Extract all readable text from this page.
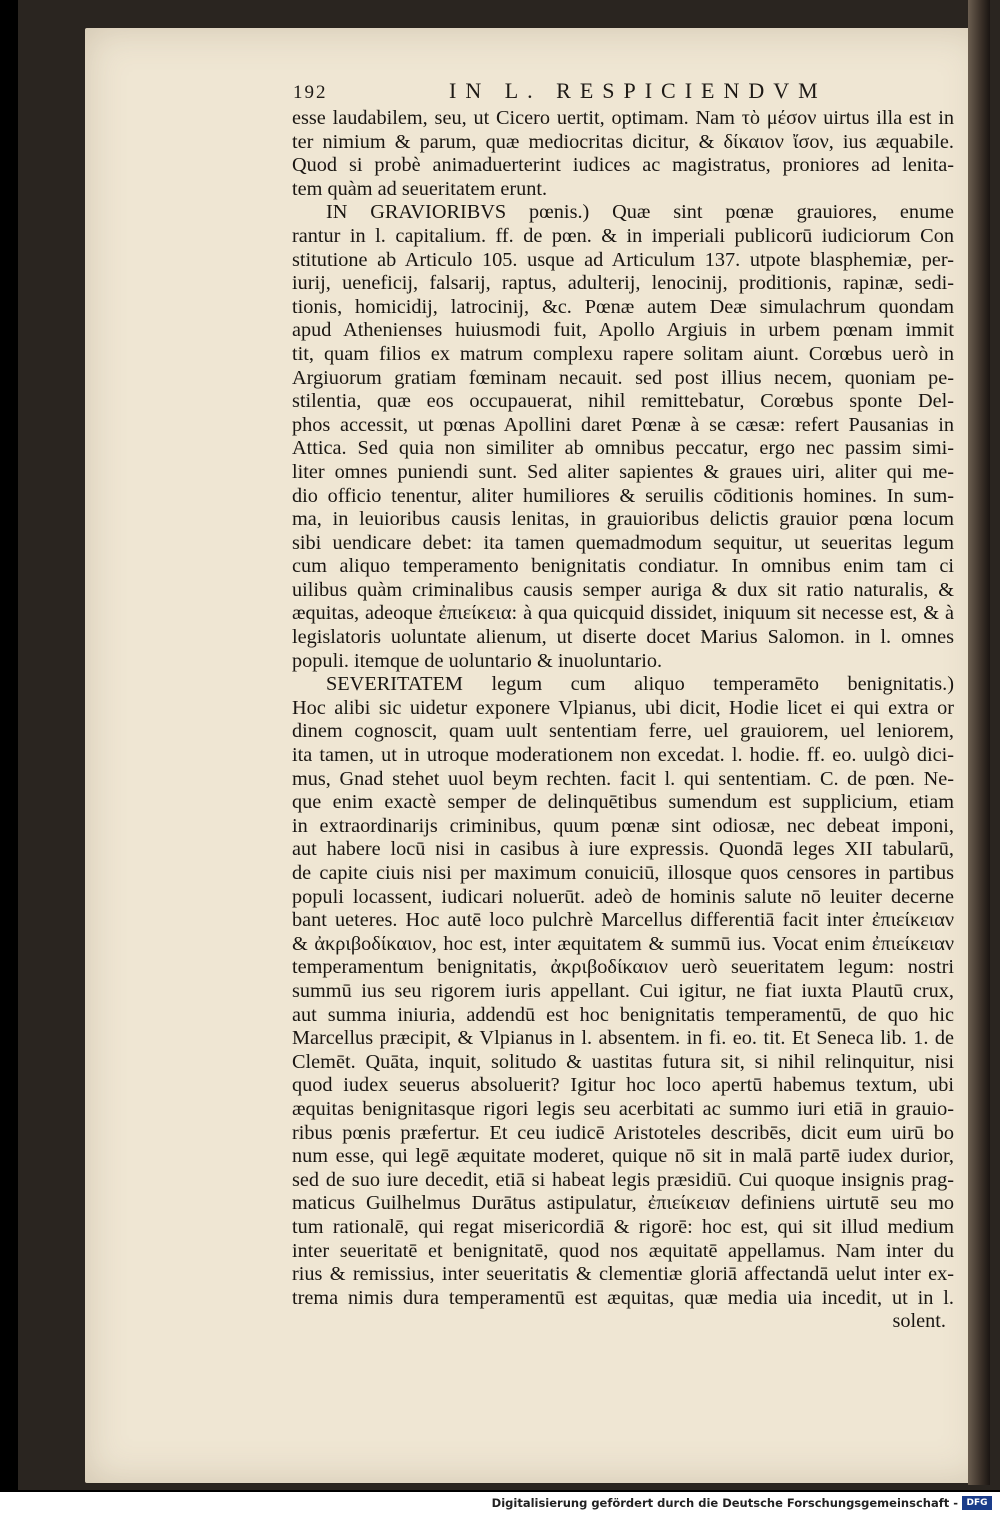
192	IN L. RESPICIENDVM
esse laudabilem, seu, ut Cicero uertit, optimam. Nam τὸ μέσον uirtus illa est in
ter nimium & parum, quæ mediocritas dicitur, & δίκαιον ἴσον, ius æquabile.
Quod si probè animaduerterint iudices ac magistratus, proniores ad lenita-
tem quàm ad seueritatem erunt.
IN GRAVIORIBVS pœnis.) Quæ sint pœnæ grauiores, enume
rantur in l. capitalium. ff. de pœn. & in imperiali publicorū iudiciorum Con
stitutione ab Articulo 105. usque ad Articulum 137. utpote blasphemiæ, per-
iurij, ueneficij, falsarij, raptus, adulterij, lenocinij, proditionis, rapinæ, sedi-
tionis, homicidij, latrocinij, &c. Pœnæ autem Deæ simulachrum quondam
apud Athenienses huiusmodi fuit, Apollo Argiuis in urbem pœnam immit
tit, quam filios ex matrum complexu rapere solitam aiunt. Corœbus uerò in
Argiuorum gratiam fœminam necauit. sed post illius necem, quoniam pe-
stilentia, quæ eos occupauerat, nihil remittebatur, Corœbus sponte Del-
phos accessit, ut pœnas Apollini daret Pœnæ à se cæsæ: refert Pausanias in
Attica. Sed quia non similiter ab omnibus peccatur, ergo nec passim simi-
liter omnes puniendi sunt. Sed aliter sapientes & graues uiri, aliter qui me-
dio officio tenentur, aliter humiliores & seruilis cōditionis homines. In sum-
ma, in leuioribus causis lenitas, in grauioribus delictis grauior pœna locum
sibi uendicare debet: ita tamen quemadmodum sequitur, ut seueritas legum
cum aliquo temperamento benignitatis condiatur. In omnibus enim tam ci
uilibus quàm criminalibus causis semper auriga & dux sit ratio naturalis, &
æquitas, adeoque ἐπιείκεια: à qua quicquid dissidet, iniquum sit necesse est, & à
legislatoris uoluntate alienum, ut diserte docet Marius Salomon. in l. omnes
populi. itemque de uoluntario & inuoluntario.
SEVERITATEM legum cum aliquo temperamēto benignitatis.)
Hoc alibi sic uidetur exponere Vlpianus, ubi dicit, Hodie licet ei qui extra or
dinem cognoscit, quam uult sententiam ferre, uel grauiorem, uel leniorem,
ita tamen, ut in utroque moderationem non excedat. l. hodie. ff. eo. uulgò dici-
mus, Gnad stehet uuol beym rechten. facit l. qui sententiam. C. de pœn. Ne-
que enim exactè semper de delinquētibus sumendum est supplicium, etiam
in extraordinarijs criminibus, quum pœnæ sint odiosæ, nec debeat imponi,
aut habere locū nisi in casibus à iure expressis. Quondā leges XII tabularū,
de capite ciuis nisi per maximum conuiciū, illosque quos censores in partibus
populi locassent, iudicari noluerūt. adeò de hominis salute nō leuiter decerne
bant ueteres. Hoc autē loco pulchrè Marcellus differentiā facit inter ἐπιείκειαν
& ἀκριβοδίκαιον, hoc est, inter æquitatem & summū ius. Vocat enim ἐπιείκειαν
temperamentum benignitatis, ἀκριβοδίκαιον uerò seueritatem legum: nostri
summū ius seu rigorem iuris appellant. Cui igitur, ne fiat iuxta Plautū crux,
aut summa iniuria, addendū est hoc benignitatis temperamentū, de quo hic
Marcellus præcipit, & Vlpianus in l. absentem. in fi. eo. tit. Et Seneca lib. 1. de
Clemēt. Quāta, inquit, solitudo & uastitas futura sit, si nihil relinquitur, nisi
quod iudex seuerus absoluerit? Igitur hoc loco apertū habemus textum, ubi
æquitas benignitasque rigori legis seu acerbitati ac summo iuri etiā in grauio-
ribus pœnis præfertur. Et ceu iudicē Aristoteles describēs, dicit eum uirū bo
num esse, qui legē æquitate moderet, quique nō sit in malā partē iudex durior,
sed de suo iure decedit, etiā si habeat legis præsidiū. Cui quoque insignis prag-
maticus Guilhelmus Durātus astipulatur, ἐπιείκειαν definiens uirtutē seu mo
tum rationalē, qui regat misericordiā & rigorē: hoc est, qui sit illud medium
inter seueritatē et benignitatē, quod nos æquitatē appellamus. Nam inter du
rius & remissius, inter seueritatis & clementiæ gloriā affectandā uelut inter ex-
trema nimis dura temperamentū est æquitas, quæ media uia incedit, ut in l.
solent.
Digitalisierung gefördert durch die Deutsche Forschungsgemeinschaft - DFG
